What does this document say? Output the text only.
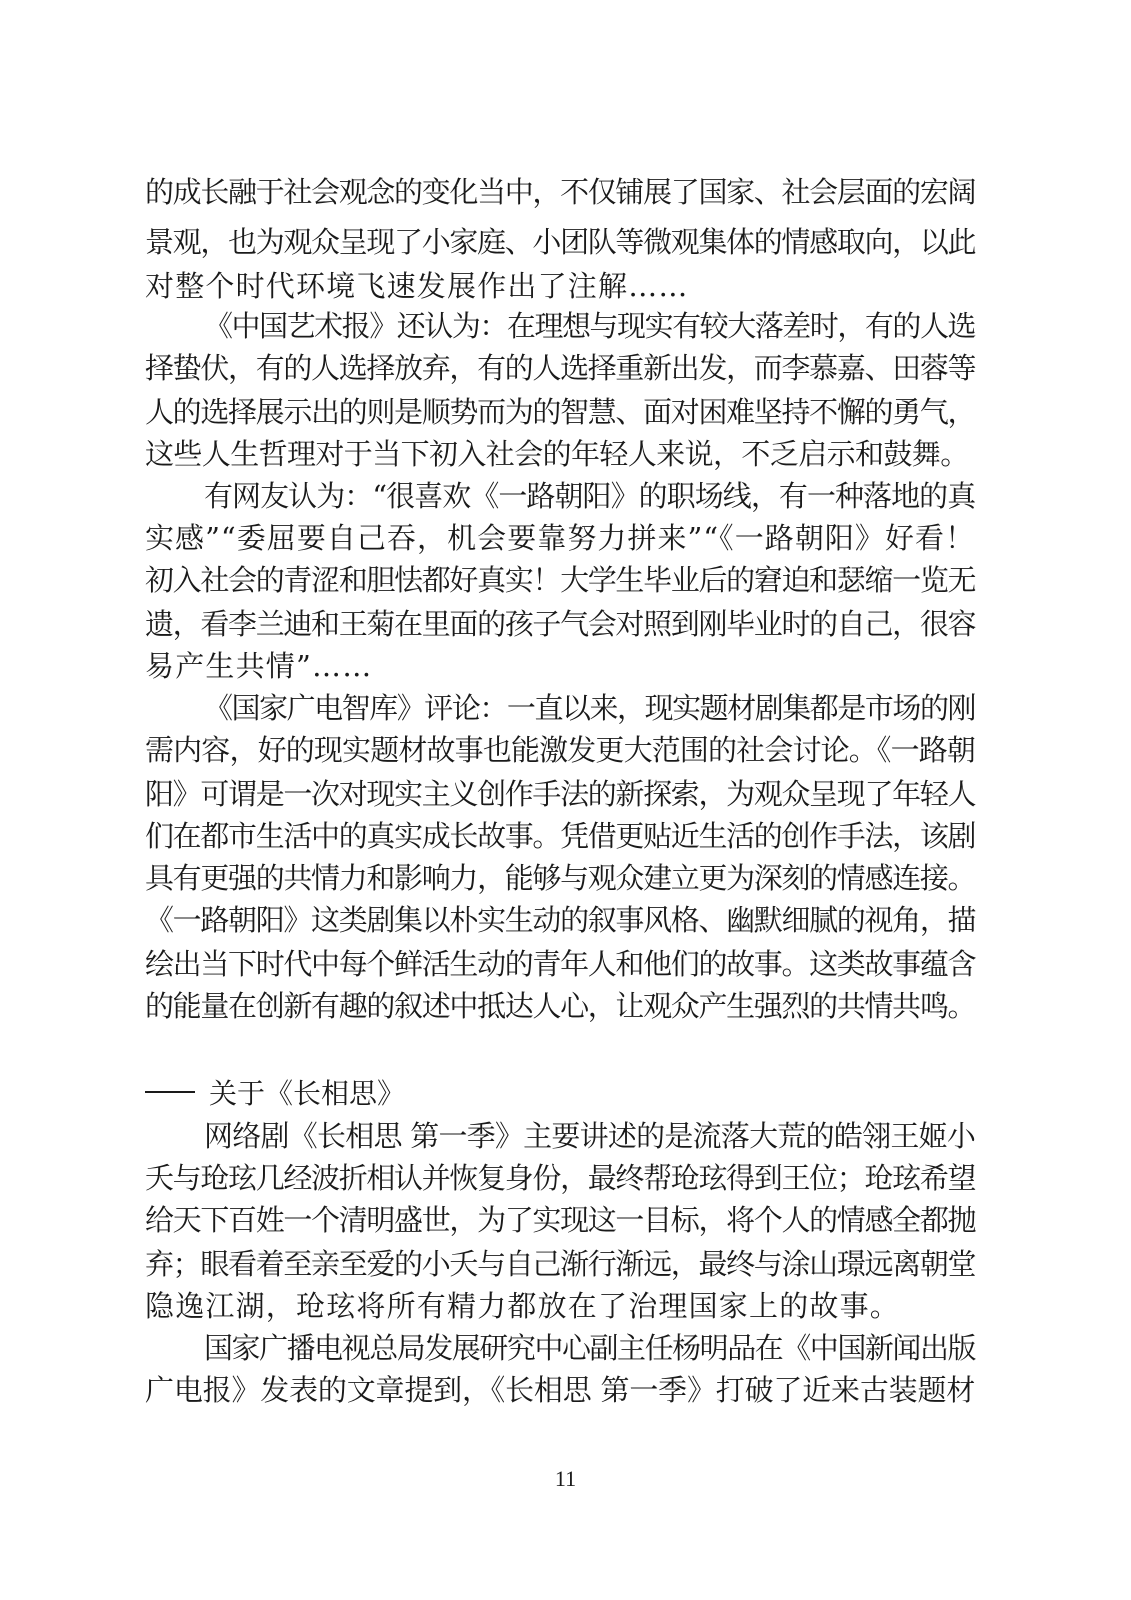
的成长融于社会观念的变化当中，不仅铺展了国家、社会层面的宏阔
景观，也为观众呈现了小家庭、小团队等微观集体的情感取向，以此
对整个时代环境飞速发展作出了注解……
《中国艺术报》还认为：在理想与现实有较大落差时，有的人选
择蛰伏，有的人选择放弃，有的人选择重新出发，而李慕嘉、田蓉等
人的选择展示出的则是顺势而为的智慧、面对困难坚持不懈的勇气，
这些人生哲理对于当下初入社会的年轻人来说，不乏启示和鼓舞。
有网友认为：“很喜欢《一路朝阳》的职场线，有一种落地的真
实感”“委屈要自己吞，机会要靠努力拼来”“《一路朝阳》好看！
初入社会的青涩和胆怯都好真实！大学生毕业后的窘迫和瑟缩一览无
遗，看李兰迪和王菊在里面的孩子气会对照到刚毕业时的自己，很容
易产生共情”……
《国家广电智库》评论：一直以来，现实题材剧集都是市场的刚
需内容，好的现实题材故事也能激发更大范围的社会讨论。《一路朝
阳》可谓是一次对现实主义创作手法的新探索，为观众呈现了年轻人
们在都市生活中的真实成长故事。凭借更贴近生活的创作手法，该剧
具有更强的共情力和影响力，能够与观众建立更为深刻的情感连接。
《一路朝阳》这类剧集以朴实生动的叙事风格、幽默细腻的视角，描
绘出当下时代中每个鲜活生动的青年人和他们的故事。这类故事蕴含
的能量在创新有趣的叙述中抵达人心，让观众产生强烈的共情共鸣。
关于《长相思》
网络剧《长相思 第一季》主要讲述的是流落大荒的皓翎王姬小
夭与玱玹几经波折相认并恢复身份，最终帮玱玹得到王位；玱玹希望
给天下百姓一个清明盛世，为了实现这一目标，将个人的情感全都抛
弃；眼看着至亲至爱的小夭与自己渐行渐远，最终与涂山璟远离朝堂
隐逸江湖，玱玹将所有精力都放在了治理国家上的故事。
国家广播电视总局发展研究中心副主任杨明品在《中国新闻出版
广电报》发表的文章提到，《长相思 第一季》打破了近来古装题材
11
